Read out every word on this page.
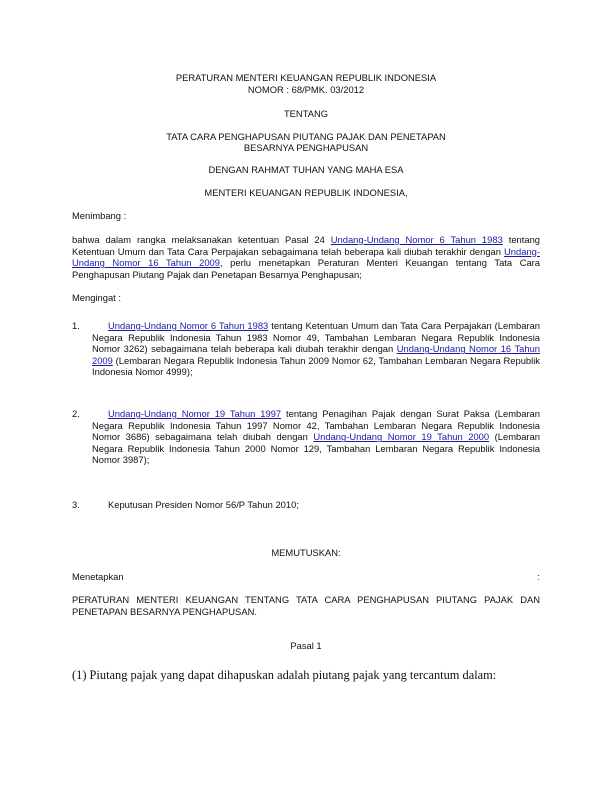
PERATURAN MENTERI KEUANGAN REPUBLIK INDONESIA
NOMOR : 68/PMK. 03/2012
TENTANG
TATA CARA PENGHAPUSAN PIUTANG PAJAK DAN PENETAPAN
BESARNYA PENGHAPUSAN
DENGAN RAHMAT TUHAN YANG MAHA ESA
MENTERI KEUANGAN REPUBLIK INDONESIA,
Menimbang :
bahwa dalam rangka melaksanakan ketentuan Pasal 24 Undang-Undang Nomor 6 Tahun 1983 tentang Ketentuan Umum dan Tata Cara Perpajakan sebagaimana telah beberapa kali diubah terakhir dengan Undang-Undang Nomor 16 Tahun 2009, perlu menetapkan Peraturan Menteri Keuangan tentang Tata Cara Penghapusan Piutang Pajak dan Penetapan Besarnya Penghapusan;
Mengingat :
1.	Undang-Undang Nomor 6 Tahun 1983 tentang Ketentuan Umum dan Tata Cara Perpajakan (Lembaran Negara Republik Indonesia Tahun 1983 Nomor 49, Tambahan Lembaran Negara Republik Indonesia Nomor 3262) sebagaimana telah beberapa kali diubah terakhir dengan Undang-Undang Nomor 16 Tahun 2009 (Lembaran Negara Republik Indonesia Tahun 2009 Nomor 62, Tambahan Lembaran Negara Republik Indonesia Nomor 4999);
2.	Undang-Undang Nomor 19 Tahun 1997 tentang Penagihan Pajak dengan Surat Paksa (Lembaran Negara Republik Indonesia Tahun 1997 Nomor 42, Tambahan Lembaran Negara Republik Indonesia Nomor 3686) sebagaimana telah diubah dengan Undang-Undang Nomor 19 Tahun 2000 (Lembaran Negara Republik Indonesia Tahun 2000 Nomor 129, Tambahan Lembaran Negara Republik Indonesia Nomor 3987);
3.	Keputusan Presiden Nomor 56/P Tahun 2010;
MEMUTUSKAN:
Menetapkan	:
PERATURAN MENTERI KEUANGAN TENTANG TATA CARA PENGHAPUSAN PIUTANG PAJAK DAN PENETAPAN BESARNYA PENGHAPUSAN.
Pasal 1
(1) Piutang pajak yang dapat dihapuskan adalah piutang pajak yang tercantum dalam:
